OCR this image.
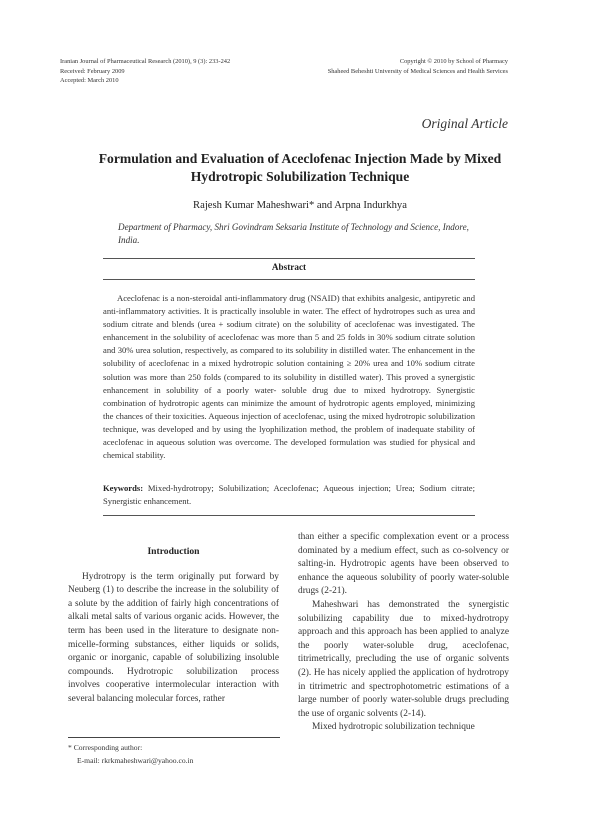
Iranian Journal of Pharmaceutical Research (2010), 9 (3): 233-242
Received: February 2009
Accepted: March 2010
Copyright © 2010 by School of Pharmacy
Shaheed Beheshti University of Medical Sciences and Health Services
Original Article
Formulation and Evaluation of Aceclofenac Injection Made by Mixed
Hydrotropic Solubilization Technique
Rajesh Kumar Maheshwari* and Arpna Indurkhya
Department of Pharmacy, Shri Govindram Seksaria Institute of Technology and Science, Indore, India.
Abstract
Aceclofenac is a non-steroidal anti-inflammatory drug (NSAID) that exhibits analgesic, antipyretic and anti-inflammatory activities. It is practically insoluble in water. The effect of hydrotropes such as urea and sodium citrate and blends (urea + sodium citrate) on the solubility of aceclofenac was investigated. The enhancement in the solubility of aceclofenac was more than 5 and 25 folds in 30% sodium citrate solution and 30% urea solution, respectively, as compared to its solubility in distilled water. The enhancement in the solubility of aceclofenac in a mixed hydrotropic solution containing ≥ 20% urea and 10% sodium citrate solution was more than 250 folds (compared to its solubility in distilled water). This proved a synergistic enhancement in solubility of a poorly water- soluble drug due to mixed hydrotropy. Synergistic combination of hydrotropic agents can minimize the amount of hydrotropic agents employed, minimizing the chances of their toxicities. Aqueous injection of aceclofenac, using the mixed hydrotropic solubilization technique, was developed and by using the lyophilization method, the problem of inadequate stability of aceclofenac in aqueous solution was overcome. The developed formulation was studied for physical and chemical stability.
Keywords: Mixed-hydrotropy; Solubilization; Aceclofenac; Aqueous injection; Urea; Sodium citrate; Synergistic enhancement.
Introduction

Hydrotropy is the term originally put forward by Neuberg (1) to describe the increase in the solubility of a solute by the addition of fairly high concentrations of alkali metal salts of various organic acids. However, the term has been used in the literature to designate non-micelle-forming substances, either liquids or solids, organic or inorganic, capable of solubilizing insoluble compounds. Hydrotropic solubilization process involves cooperative intermolecular interaction with several balancing molecular forces, rather

than either a specific complexation event or a process dominated by a medium effect, such as co-solvency or salting-in. Hydrotropic agents have been observed to enhance the aqueous solubility of poorly water-soluble drugs (2-21).

Maheshwari has demonstrated the synergistic solubilizing capability due to mixed-hydrotropy approach and this approach has been applied to analyze the poorly water-soluble drug, aceclofenac, titrimetrically, precluding the use of organic solvents (2). He has nicely applied the application of hydrotropy in titrimetric and spectrophotometric estimations of a large number of poorly water-soluble drugs precluding the use of organic solvents (2-14).

Mixed hydrotropic solubilization technique

* Corresponding author:
E-mail: rkrkmaheshwari@yahoo.co.in
